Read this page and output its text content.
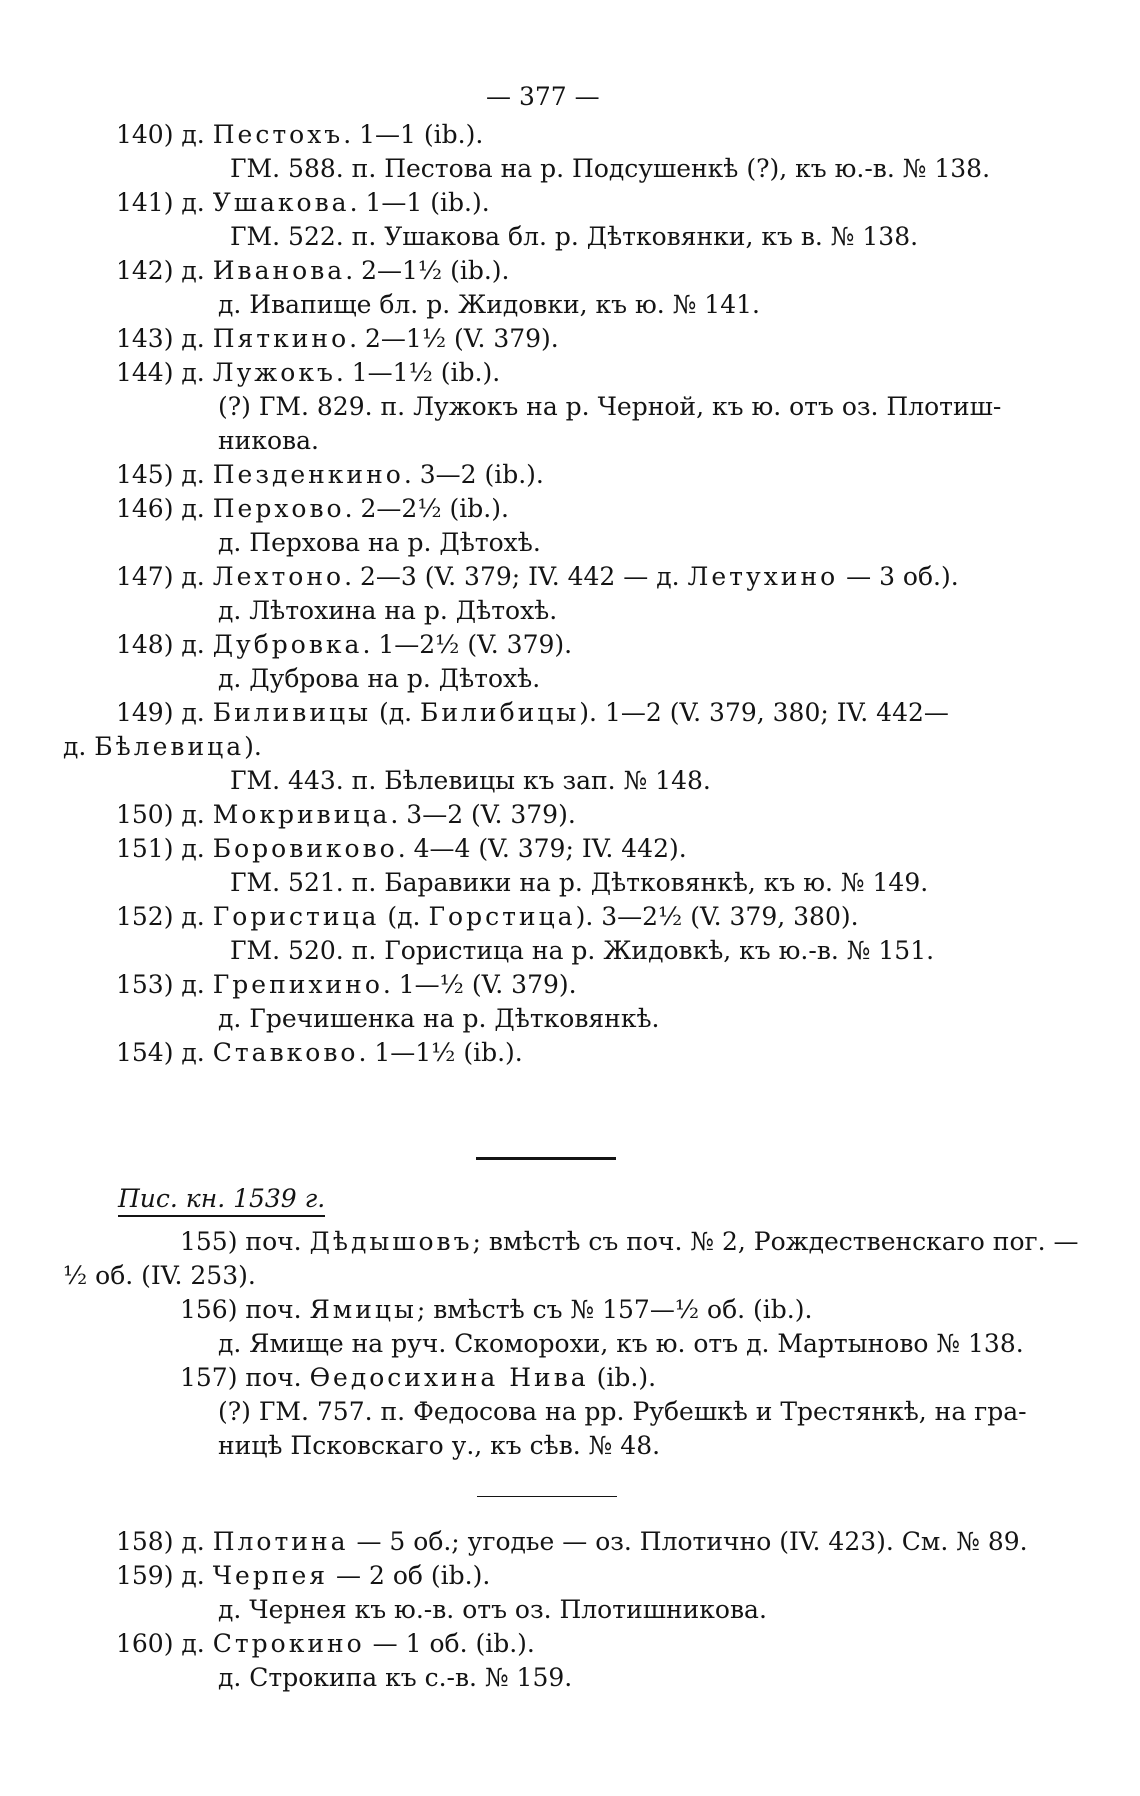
— 377 —
140) д. Пестохъ. 1—1 (ib.).
ГМ. 588. п. Пестова на р. Подсушенкѣ (?), къ ю.-в. № 138.
141) д. Ушакова. 1—1 (ib.).
ГМ. 522. п. Ушакова бл. р. Дѣтковянки, къ в. № 138.
142) д. Иванова. 2—1½ (ib.).
д. Ивапище бл. р. Жидовки, къ ю. № 141.
143) д. Пяткино. 2—1½ (V. 379).
144) д. Лужокъ. 1—1½ (ib.).
(?) ГМ. 829. п. Лужокъ на р. Черной, къ ю. отъ оз. Плотиш-
никова.
145) д. Пезденкино. 3—2 (ib.).
146) д. Перхово. 2—2½ (ib.).
д. Перхова на р. Дѣтохѣ.
147) д. Лехтоно. 2—3 (V. 379; IV. 442 — д. Летухино — 3 об.).
д. Лѣтохина на р. Дѣтохѣ.
148) д. Дубровка. 1—2½ (V. 379).
д. Дуброва на р. Дѣтохѣ.
149) д. Биливицы (д. Билибицы). 1—2 (V. 379, 380; IV. 442—
д. Бѣлевица).
ГМ. 443. п. Бѣлевицы къ зап. № 148.
150) д. Мокривица. 3—2 (V. 379).
151) д. Боровиково. 4—4 (V. 379; IV. 442).
ГМ. 521. п. Баравики на р. Дѣтковянкѣ, къ ю. № 149.
152) д. Гористица (д. Горстица). 3—2½ (V. 379, 380).
ГМ. 520. п. Гористица на р. Жидовкѣ, къ ю.-в. № 151.
153) д. Грепихино. 1—½ (V. 379).
д. Гречишенка на р. Дѣтковянкѣ.
154) д. Ставково. 1—1½ (ib.).
Пис. кн. 1539 г.
155) поч. Дѣдышовъ; вмѣстѣ съ поч. № 2, Рождественскаго пог. —
½ об. (IV. 253).
156) поч. Ямицы; вмѣстѣ съ № 157—½ об. (ib.).
д. Ямище на руч. Скоморохи, къ ю. отъ д. Мартыново № 138.
157) поч. Ѳедосихина Нива (ib.).
(?) ГМ. 757. п. Федосова на рр. Рубешкѣ и Трестянкѣ, на гра-
ницѣ Псковскаго у., къ сѣв. № 48.
158) д. Плотина — 5 об.; угодье — оз. Плотично (IV. 423). См. № 89.
159) д. Черпея — 2 об (ib.).
д. Чернея къ ю.-в. отъ оз. Плотишникова.
160) д. Строкино — 1 об. (ib.).
д. Строкипа къ с.-в. № 159.
